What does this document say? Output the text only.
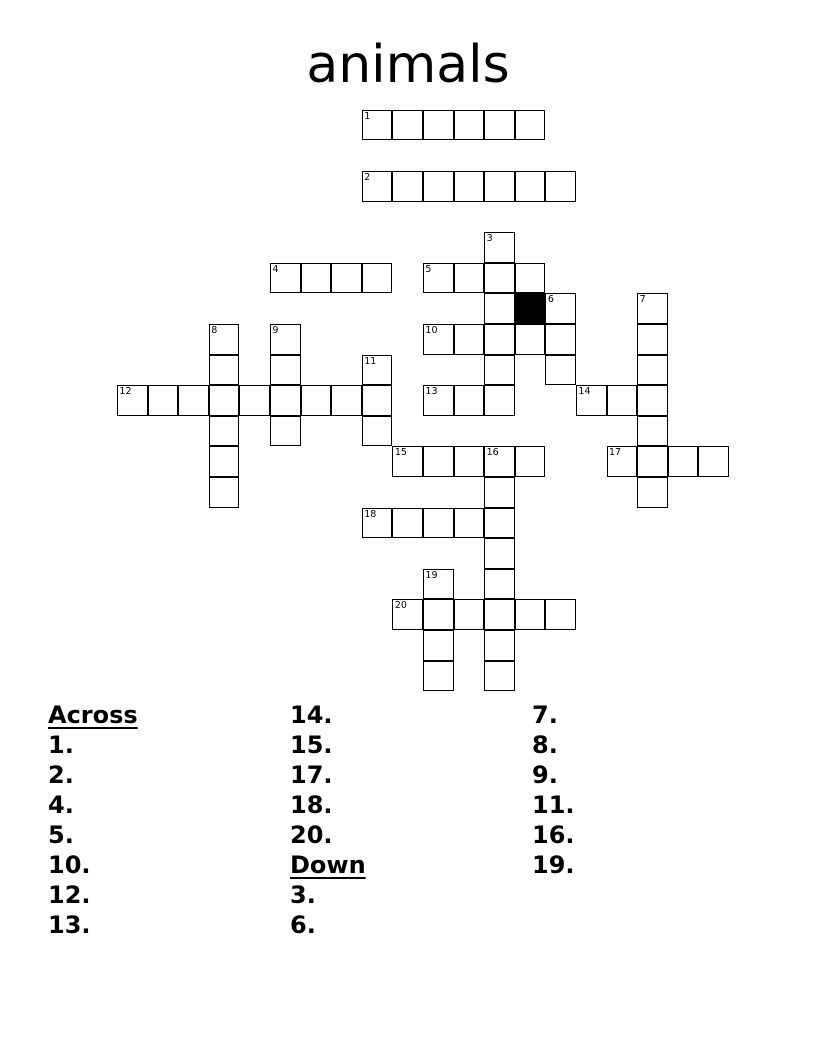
animals
1
2
3
4	5
6	7
8	9	10
11
12	13	14
15	16	17
18
19
20
Across
1.
2.
4.
5.
10.
12.
13.
14.
15.
17.
18.
20.
Down
3.
6.
7.
8.
9.
11.
16.
19.
